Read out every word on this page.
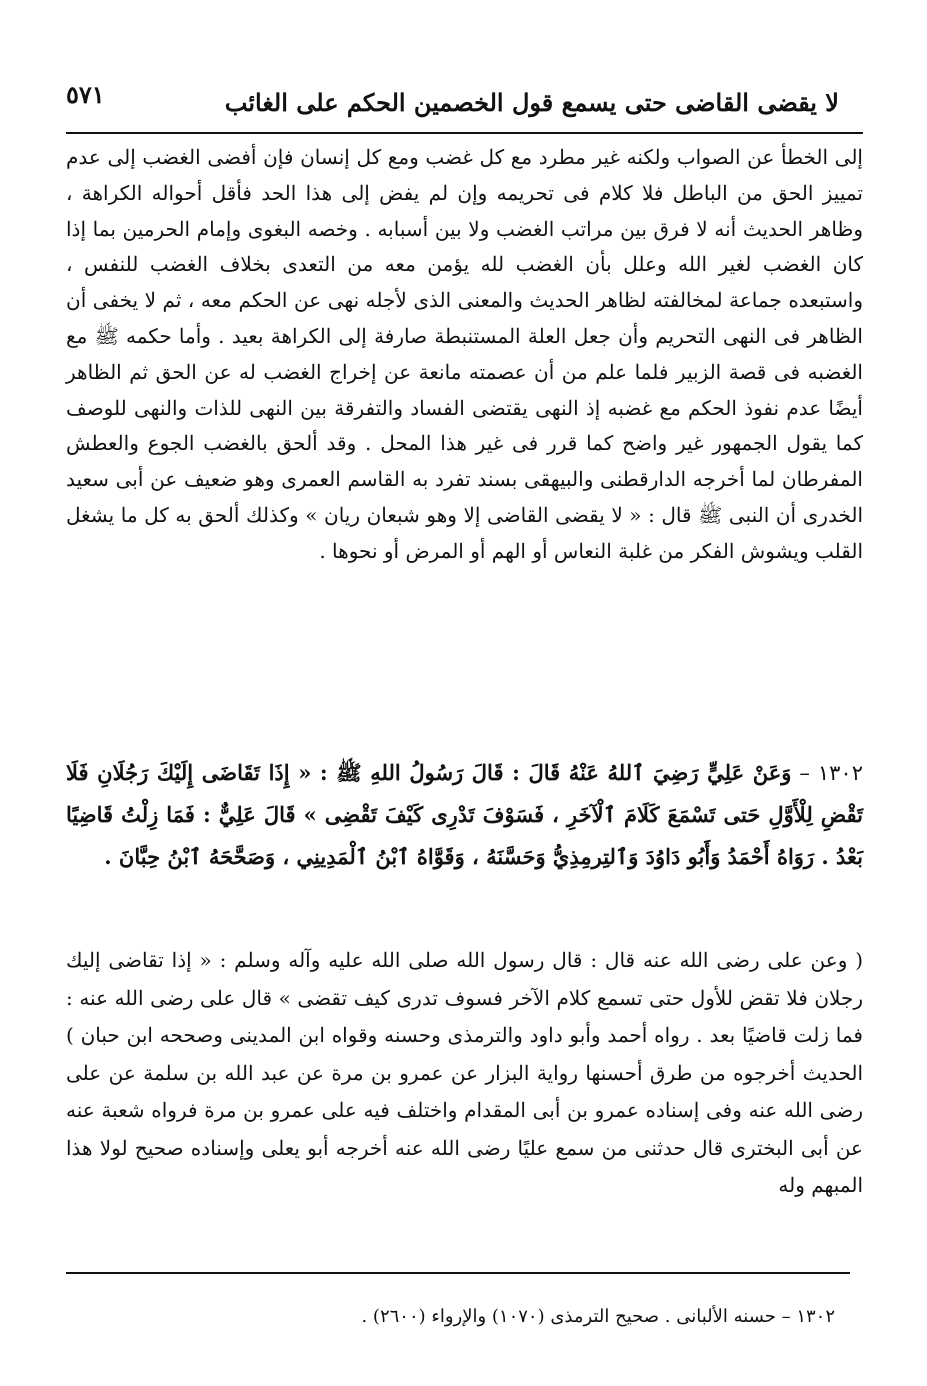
لا يقضى القاضى حتى يسمع قول الخصمين الحكم على الغائب
٥٧١
إلى الخطأ عن الصواب ولكنه غير مطرد مع كل غضب ومع كل إنسان فإن أفضى الغضب إلى عدم تمييز الحق من الباطل فلا كلام فى تحريمه وإن لم يفض إلى هذا الحد فأقل أحواله الكراهة ، وظاهر الحديث أنه لا فرق بين مراتب الغضب ولا بين أسبابه . وخصه البغوى وإمام الحرمين بما إذا كان الغضب لغير الله وعلل بأن الغضب لله يؤمن معه من التعدى بخلاف الغضب للنفس ، واستبعده جماعة لمخالفته لظاهر الحديث والمعنى الذى لأجله نهى عن الحكم معه ، ثم لا يخفى أن الظاهر فى النهى التحريم وأن جعل العلة المستنبطة صارفة إلى الكراهة بعيد . وأما حكمه ﷺ مع الغضبه فى قصة الزبير فلما علم من أن عصمته مانعة عن إخراج الغضب له عن الحق ثم الظاهر أيضًا عدم نفوذ الحكم مع غضبه إذ النهى يقتضى الفساد والتفرقة بين النهى للذات والنهى للوصف كما يقول الجمهور غير واضح كما قرر فى غير هذا المحل . وقد ألحق بالغضب الجوع والعطش المفرطان لما أخرجه الدارقطنى والبيهقى بسند تفرد به القاسم العمرى وهو ضعيف عن أبى سعيد الخدرى أن النبى ﷺ قال : « لا يقضى القاضى إلا وهو شبعان ريان » وكذلك ألحق به كل ما يشغل القلب ويشوش الفكر من غلبة النعاس أو الهم أو المرض أو نحوها .
١٣٠٢ – وَعَنْ عَلِيٍّ رَضِيَ ٱللهُ عَنْهُ قَالَ : قَالَ رَسُولُ اللهِ ﷺ : « إِذَا تَقَاضَى إِلَيْكَ رَجُلَانِ فَلَا تَقْضِ لِلْأَوَّلِ حَتى تَسْمَعَ كَلَامَ ٱلْآخَرِ ، فَسَوْفَ تَدْرِى كَيْفَ تَقْضِى » قَالَ عَلِيٌّ : فَمَا زِلْتُ قَاضِيًا بَعْدُ . رَوَاهُ أَحْمَدُ وَأَبُو دَاوُدَ وَٱلتِرمِذِيُّ وَحَسَّنَهُ ، وَقَوَّاهُ ٱبْنُ ٱلْمَدِينِي ، وَصَحَّحَهُ ٱبْنُ حِبَّانَ .
( وعن على رضى الله عنه قال : قال رسول الله صلى الله عليه وآله وسلم : « إذا تقاضى إليك رجلان فلا تقض للأول حتى تسمع كلام الآخر فسوف تدرى كيف تقضى » قال على رضى الله عنه : فما زلت قاضيًا بعد . رواه أحمد وأبو داود والترمذى وحسنه وقواه ابن المدينى وصححه ابن حبان ) الحديث أخرجوه من طرق أحسنها رواية البزار عن عمرو بن مرة عن عبد الله بن سلمة عن على رضى الله عنه وفى إسناده عمرو بن أبى المقدام واختلف فيه على عمرو بن مرة فرواه شعبة عنه عن أبى البخترى قال حدثنى من سمع عليًا رضى الله عنه أخرجه أبو يعلى وإسناده صحيح لولا هذا المبهم وله
١٣٠٢ – حسنه الألبانى . صحيح الترمذى (١٠٧٠) والإرواء (٢٦٠٠) .
